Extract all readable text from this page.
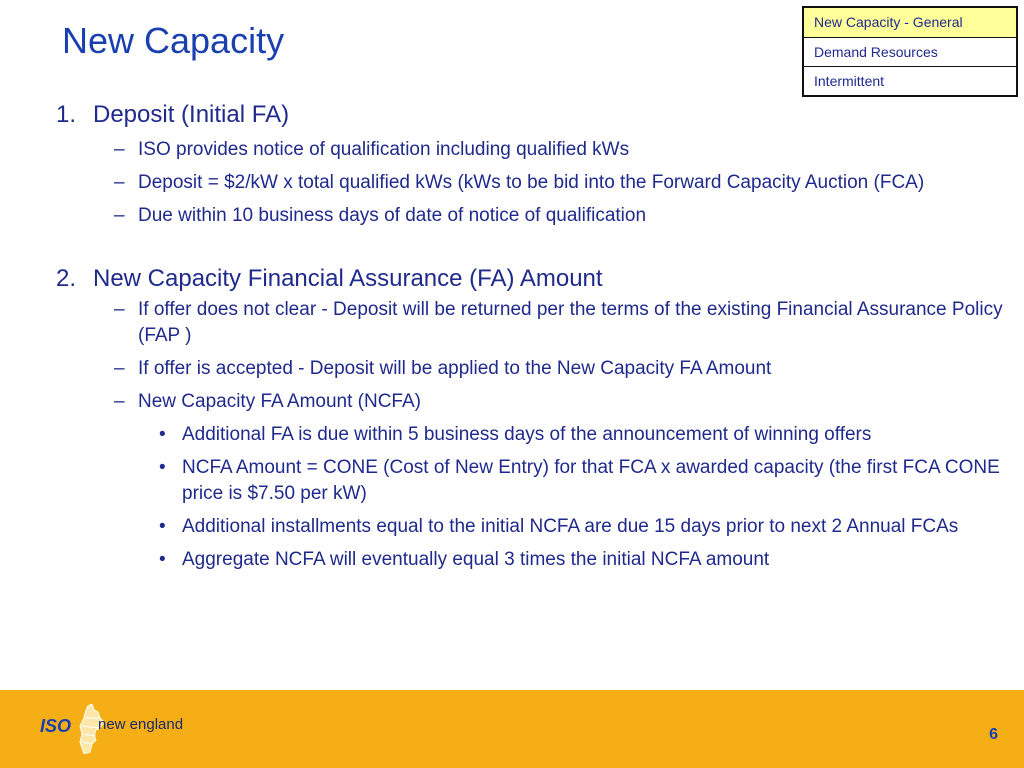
New Capacity	New Capacity - General
Demand Resources
Intermittent
1. Deposit (Initial FA)
– ISO provides notice of qualification including qualified kWs
– Deposit = $2/kW x total qualified kWs (kWs to be bid into the Forward Capacity Auction (FCA)
– Due within 10 business days of date of notice of qualification
2. New Capacity Financial Assurance (FA) Amount
– If offer does not clear - Deposit will be returned per the terms of the existing Financial Assurance Policy (FAP )
– If offer is accepted - Deposit will be applied to the New Capacity FA Amount
– New Capacity FA Amount (NCFA)
• Additional FA is due within 5 business days of the announcement of winning offers
• NCFA Amount = CONE (Cost of New Entry) for that FCA x awarded capacity (the first FCA CONE price is $7.50 per kW)
• Additional installments equal to the initial NCFA are due 15 days prior to next 2 Annual FCAs
• Aggregate NCFA will eventually equal 3 times the initial NCFA amount
ISO new england
6
